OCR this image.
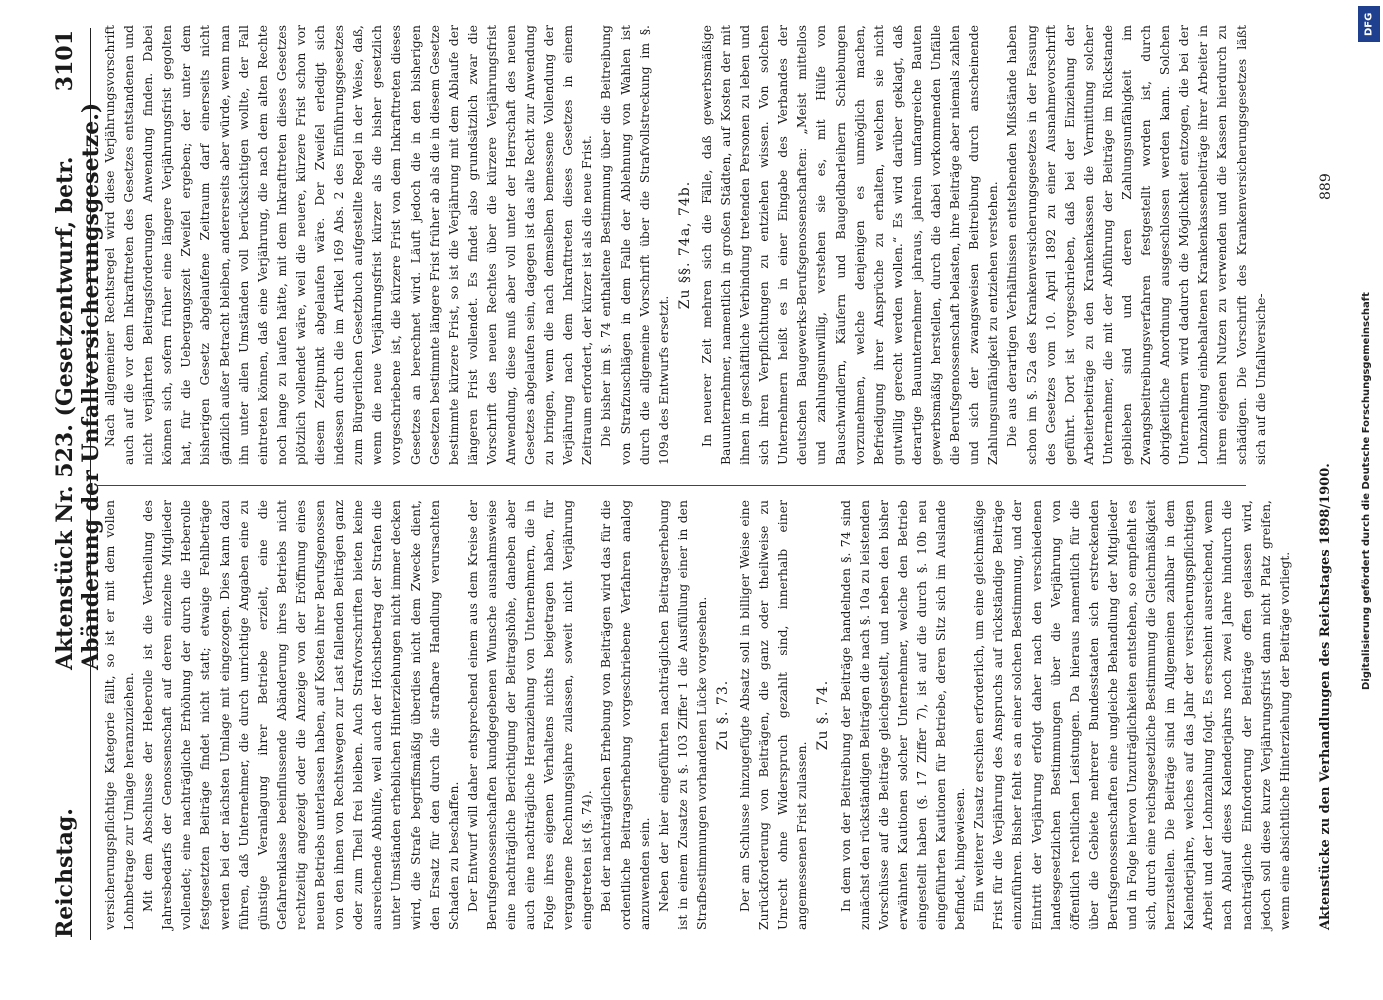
Reichstag.
Aktenstück Nr. 523. (Gesetzentwurf, betr. Abänderung der Unfallversicherungsgesetze.)
3101

versicherungspflichtige Kategorie fällt, so ist er mit dem vollen Lohnbetrage zur Umlage heranzuziehen. Mit dem Abschlusse der Heberolle ist die Vertheilung des Jahresbedarfs der Genossenschaft auf deren einzelne Mitglieder vollendet; eine nachträgliche Erhöhung der durch die Heberolle festgesetzten Beiträge findet nicht statt; etwaige Fehlbeträge werden bei der nächsten Umlage mit eingezogen. Dies kann dazu führen, daß Unternehmer, die durch unrichtige Angaben eine zu günstige Veranlagung ihrer Betriebe erzielt, eine die Gefahrenklasse beeinflussende Abänderung ihres Betriebs nicht rechtzeitig angezeigt oder die Anzeige von der Eröffnung eines neuen Betriebs unterlassen haben, auf Kosten ihrer Berufsgenossen von den ihnen von Rechtswegen zur Last fallenden Beiträgen ganz oder zum Theil frei bleiben. Auch Strafvorschriften bieten keine ausreichende Abhülfe, weil auch der Höchstbetrag der Strafen die unter Umständen erheblichen Hinterziehungen nicht immer decken wird, die Strafe begriffsmäßig überdies nicht dem Zwecke dient, den Ersatz für den durch die strafbare Handlung verursachten Schaden zu beschaffen. Der Entwurf will daher entsprechend einem aus dem Kreise der Berufsgenossenschaften kundgegebenen Wunsche ausnahmsweise eine nachträgliche Berichtigung der Beitragshöhe, daneben aber auch eine nachträgliche Heranziehung von Unternehmern, die in Folge ihres eigenen Verhaltens nichts beigetragen haben, für vergangene Rechnungsjahre zulassen, soweit nicht Verjährung eingetreten ist (§. 74). Bei der nachträglichen Erhebung von Beiträgen wird das für die ordentliche Beitragserhebung vorgeschriebene Verfahren analog anzuwenden sein. Neben der hier eingeführten nachträglichen Beitragserhebung ist in einem Zusatze zu §. 103 Ziffer 1 die Ausfüllung einer in den Strafbestimmungen vorhandenen Lücke vorgesehen. Zu §. 73. Der am Schlusse hinzugefügte Absatz soll in billiger Weise eine Zurückforderung von Beiträgen, die ganz oder theilweise zu Unrecht ohne Widerspruch gezahlt sind, innerhalb einer angemessenen Frist zulassen.

Zu §. 74. In dem von der Beitreibung der Beiträge handelnden §. 74 sind zunächst den rückständigen Beiträgen die nach §. 10a zu leistenden Vorschüsse auf die Beiträge gleichgestellt, und neben den bisher erwähnten Kautionen solcher Unternehmer, welche den Betrieb eingestellt haben (§. 17 Ziffer 7), ist auf die durch §. 10b neu eingeführten Kautionen für Betriebe, deren Sitz sich im Auslande befindet, hingewiesen. Ein weiterer Zusatz erschien erforderlich, um eine gleichmäßige Frist für die Verjährung des Anspruchs auf rückständige Beiträge einzuführen. Bisher fehlt es an einer solchen Bestimmung, und der Eintritt der Verjährung erfolgt daher nach den verschiedenen landesgesetzlichen Bestimmungen über die Verjährung von öffentlich rechtlichen Leistungen. Da hieraus namentlich für die über die Gebiete mehrerer Bundesstaaten sich erstreckenden Berufsgenossenschaften eine ungleiche Behandlung der Mitglieder und in Folge hiervon Unzuträglichkeiten entstehen, so empfiehlt es sich, durch eine reichsgesetzliche Bestimmung die Gleichmäßigkeit herzustellen. Die Beiträge sind im Allgemeinen zahlbar in dem Kalenderjahre, welches auf das Jahr der versicherungspflichtigen Arbeit und der Lohnzahlung folgt. Es erscheint ausreichend, wenn nach Ablauf dieses Kalenderjahrs noch zwei Jahre hindurch die nachträgliche Einforderung der Beiträge offen gelassen wird, jedoch soll diese kurze Verjährungsfrist dann nicht Platz greifen, wenn eine absichtliche Hinterziehung der Beiträge vorliegt.

Nach allgemeiner Rechtsregel wird diese Verjährungsvorschrift auch auf die vor dem Inkrafttreten des Gesetzes entstandenen und nicht verjährten Beitragsforderungen Anwendung finden. Dabei können sich, sofern früher eine längere Verjährungsfrist gegolten hat, für die Uebergangszeit Zweifel ergeben; der unter dem bisherigen Gesetz abgelaufene Zeitraum darf einerseits nicht gänzlich außer Betracht bleiben, andererseits aber würde, wenn man ihn unter allen Umständen voll berücksichtigen wollte, der Fall eintreten können, daß eine Verjährung, die nach dem alten Rechte noch lange zu laufen hätte, mit dem Inkrafttreten dieses Gesetzes plötzlich vollendet wäre, weil die neuere, kürzere Frist schon vor diesem Zeitpunkt abgelaufen wäre. Der Zweifel erledigt sich indessen durch die im Artikel 169 Abs. 2 des Einführungsgesetzes zum Bürgerlichen Gesetzbuch aufgestellte Regel in der Weise, daß, wenn die neue Verjährungsfrist kürzer als die bisher gesetzlich vorgeschriebene ist, die kürzere Frist von dem Inkrafttreten dieses Gesetzes an berechnet wird. Läuft jedoch die in den bisherigen Gesetzen bestimmte längere Frist früher ab als die in diesem Gesetze bestimmte kürzere Frist, so ist die Verjährung mit dem Ablaufe der längeren Frist vollendet. Es findet also grundsätzlich zwar die Vorschrift des neuen Rechtes über die kürzere Verjährungsfrist Anwendung, diese muß aber voll unter der Herrschaft des neuen Gesetzes abgelaufen sein, dagegen ist das alte Recht zur Anwendung zu bringen, wenn die nach demselben bemessene Vollendung der Verjährung nach dem Inkrafttreten dieses Gesetzes in einem Zeitraum erfordert, der kürzer ist als die neue Frist. Die bisher im §. 74 enthaltene Bestimmung über die Beitreibung von Strafzuschlägen in dem Falle der Ablehnung von Wahlen ist durch die allgemeine Vorschrift über die Strafvollstreckung im §. 109a des Entwurfs ersetzt.

Zu §§. 74a, 74b. In neuerer Zeit mehren sich die Fälle, daß gewerbsmäßige Bauunternehmer, namentlich in großen Städten, auf Kosten der mit ihnen in geschäftliche Verbindung tretenden Personen zu leben und sich ihren Verpflichtungen zu entziehen wissen. Von solchen Unternehmern heißt es in einer Eingabe des Verbandes der deutschen Baugewerks-Berufsgenossenschaften: „Meist mittellos und zahlungsunwillig, verstehen sie es, mit Hülfe von Bauschwindlern, Käufern und Baugeldbarleihern Schiebungen vorzunehmen, welche denjenigen es unmöglich machen, Befriedigung ihrer Ansprüche zu erhalten, welchen sie nicht gutwillig gerecht werden wollen.“ Es wird darüber geklagt, daß derartige Bauunternehmer jahraus, jahrein umfangreiche Bauten gewerbsmäßig herstellen, durch die dabei vorkommenden Unfälle die Berufsgenossenschaft belasten, ihre Beiträge aber niemals zahlen und sich der zwangsweisen Beitreibung durch anscheinende Zahlungsunfähigkeit zu entziehen verstehen. Die aus derartigen Verhältnissen entstehenden Mißstände haben schon im §. 52a des Krankenversicherungsgesetzes in der Fassung des Gesetzes vom 10. April 1892 zu einer Ausnahmevorschrift geführt. Dort ist vorgeschrieben, daß bei der Einziehung der Arbeiterbeiträge zu den Krankenkassen die Vermittlung solcher Unternehmer, die mit der Abführung der Beiträge im Rückstande geblieben sind und deren Zahlungsunfähigkeit im Zwangsbeitreibungsverfahren festgestellt worden ist, durch obrigkeitliche Anordnung ausgeschlossen werden kann. Solchen Unternehmern wird dadurch die Möglichkeit entzogen, die bei der Lohnzahlung einbehaltenen Krankenkassenbeiträge ihrer Arbeiter in ihrem eigenen Nutzen zu verwenden und die Kassen hierdurch zu schädigen. Die Vorschrift des Krankenversicherungsgesetzes läßt sich auf die Unfallversiche-

Aktenstücke zu den Verhandlungen des Reichstages 1898/1900.
889
DFG
Digitalisierung gefördert durch die Deutsche Forschungsgemeinschaft
